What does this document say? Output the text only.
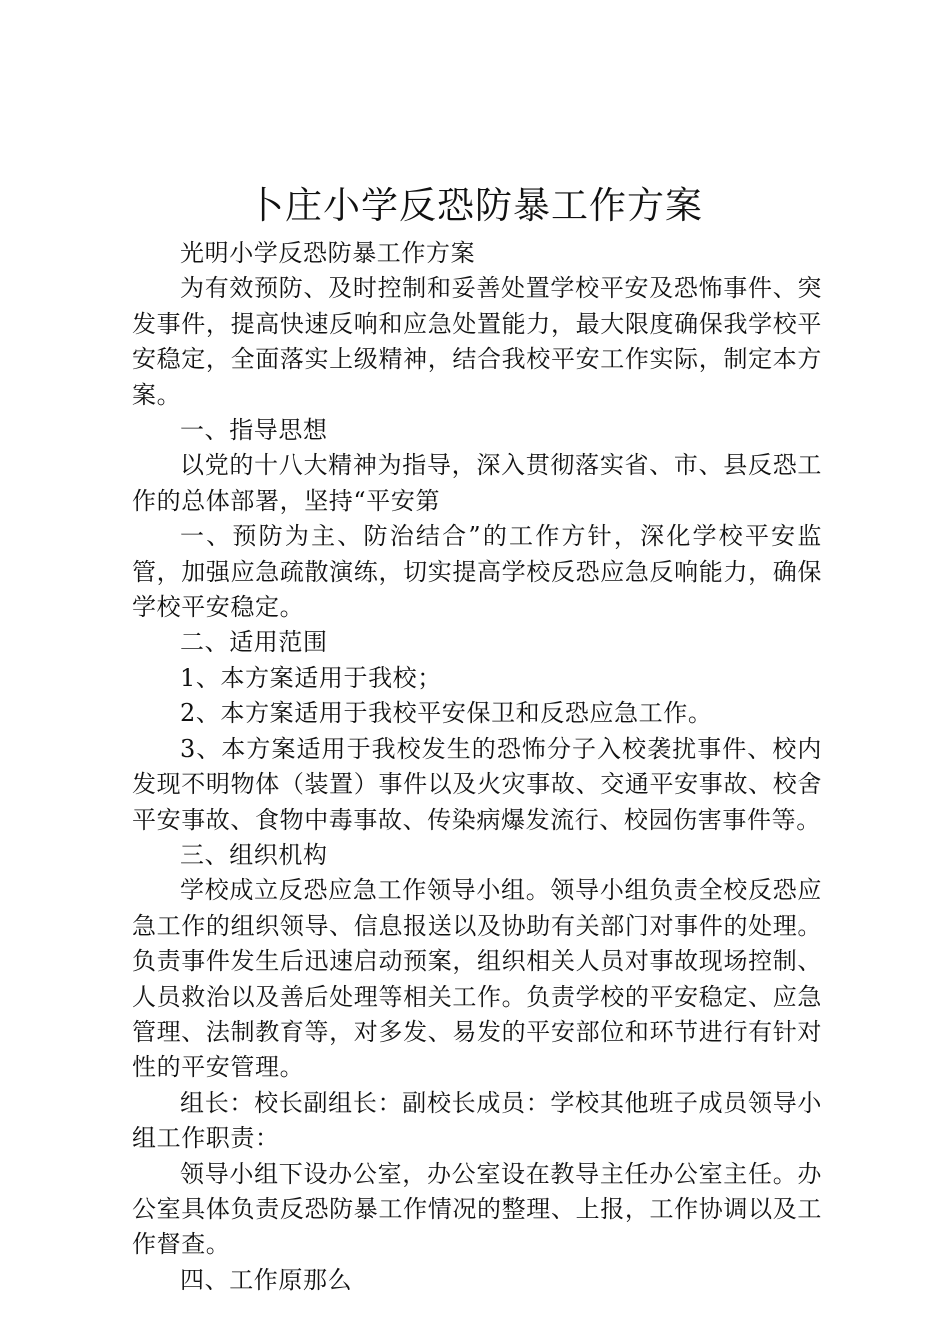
卜庄小学反恐防暴工作方案

光明小学反恐防暴工作方案

为有效预防、及时控制和妥善处置学校平安及恐怖事件、突发事件，提高快速反响和应急处置能力，最大限度确保我学校平安稳定，全面落实上级精神，结合我校平安工作实际，制定本方案。

一、指导思想

以党的十八大精神为指导，深入贯彻落实省、市、县反恐工作的总体部署，坚持“平安第

一、预防为主、防治结合”的工作方针，深化学校平安监管，加强应急疏散演练，切实提高学校反恐应急反响能力，确保学校平安稳定。

二、适用范围

1、本方案适用于我校；

2、本方案适用于我校平安保卫和反恐应急工作。

3、本方案适用于我校发生的恐怖分子入校袭扰事件、校内发现不明物体（装置）事件以及火灾事故、交通平安事故、校舍平安事故、食物中毒事故、传染病爆发流行、校园伤害事件等。

三、组织机构

学校成立反恐应急工作领导小组。领导小组负责全校反恐应急工作的组织领导、信息报送以及协助有关部门对事件的处理。负责事件发生后迅速启动预案，组织相关人员对事故现场控制、人员救治以及善后处理等相关工作。负责学校的平安稳定、应急管理、法制教育等，对多发、易发的平安部位和环节进行有针对性的平安管理。

组长：校长副组长：副校长成员：学校其他班子成员领导小组工作职责：

领导小组下设办公室，办公室设在教导主任办公室主任。办公室具体负责反恐防暴工作情况的整理、上报，工作协调以及工作督查。

四、工作原那么
